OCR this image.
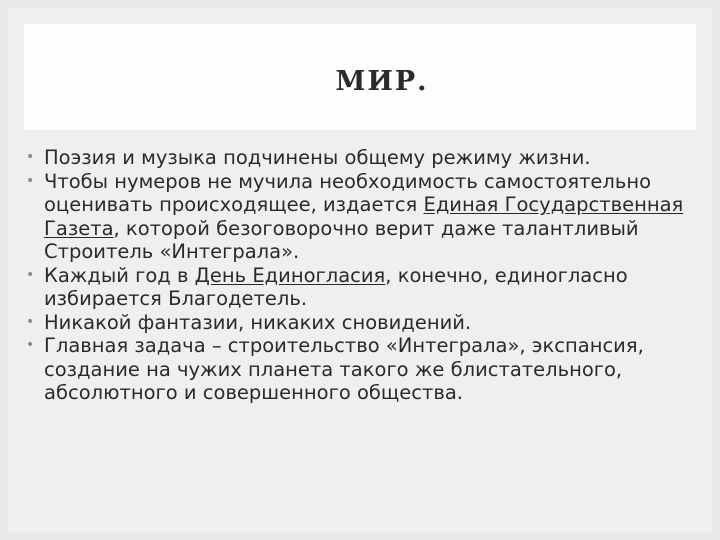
МИР.
• Поэзия и музыка подчинены общему режиму жизни.
• Чтобы нумеров не мучила необходимость самостоятельно оценивать происходящее, издается Единая Государственная Газета, которой безоговорочно верит даже талантливый Строитель «Интеграла».
• Каждый год в День Единогласия, конечно, единогласно избирается Благодетель.
• Никакой фантазии, никаких сновидений.
• Главная задача – строительство «Интеграла», экспансия, создание на чужих планета такого же блистательного, абсолютного и совершенного общества.
